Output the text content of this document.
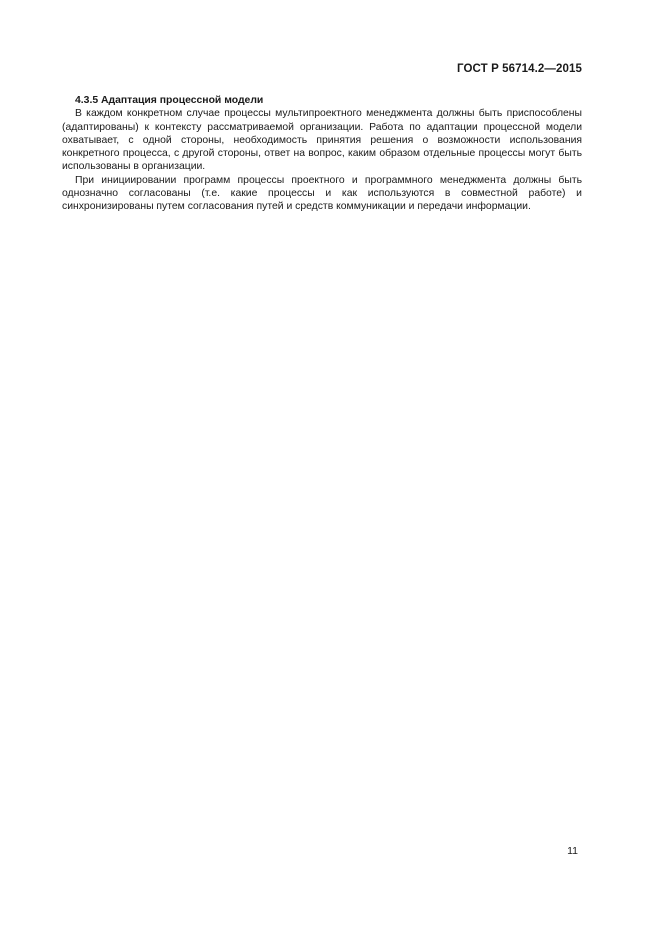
ГОСТ Р 56714.2—2015

4.3.5 Адаптация процессной модели

В каждом конкретном случае процессы мультипроектного менеджмента должны быть приспособлены (адаптированы) к контексту рассматриваемой организации. Работа по адаптации процессной модели охватывает, с одной стороны, необходимость принятия решения о возможности использования конкретного процесса, с другой стороны, ответ на вопрос, каким образом отдельные процессы могут быть использованы в организации.

При инициировании программ процессы проектного и программного менеджмента должны быть однозначно согласованы (т.е. какие процессы и как используются в совместной работе) и синхронизированы путем согласования путей и средств коммуникации и передачи информации.

11
